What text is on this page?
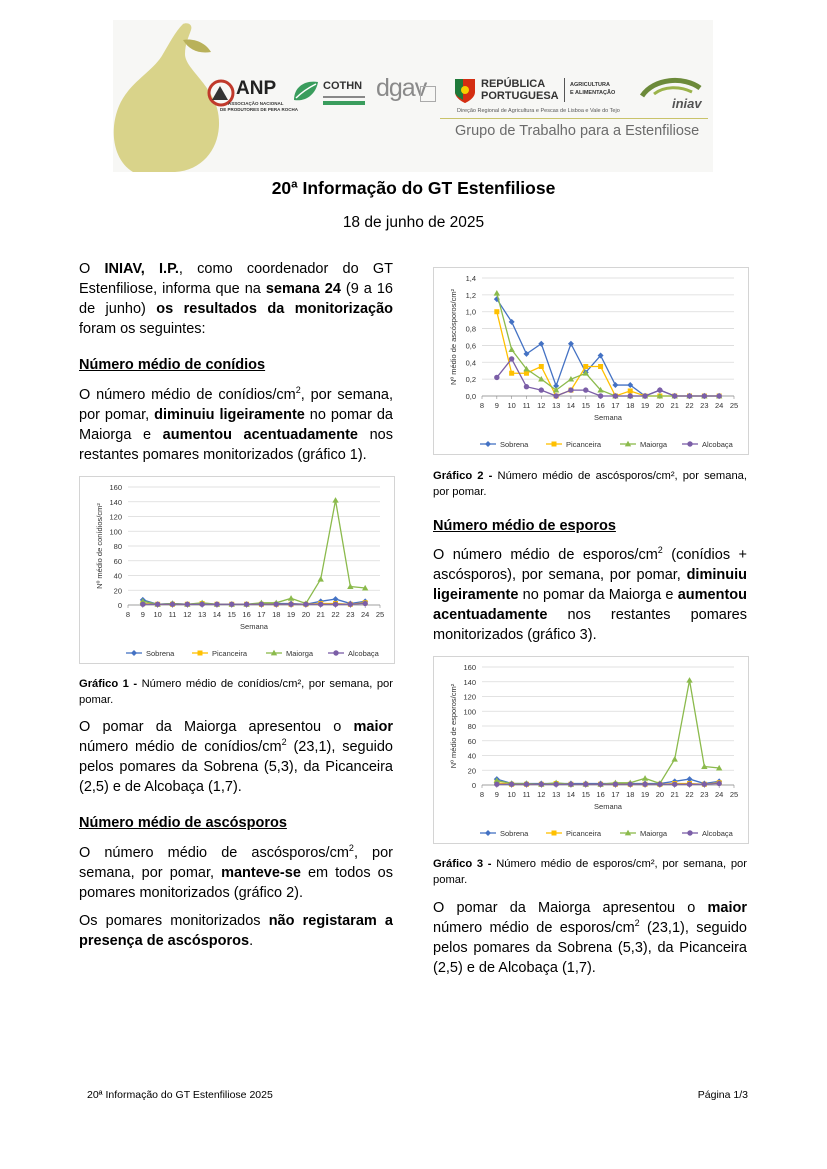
ANP
ASSOCIAÇÃO NACIONAL
DE PRODUTORES DE PERA ROCHA
COTHN dgav	REPÚBLICA
PORTUGUESA
AGRICULTURA
E ALIMENTAÇÃO
Direção Regional de Agricultura e Pescas de Lisboa e Vale do Tejo	iniav
Grupo de Trabalho para a Estenfiliose
20ª Informação do GT Estenfiliose
18 de junho de 2025
O INIAV, I.P., como coordenador do GT Estenfiliose, informa que na semana 24 (9 a 16 de junho) os resultados da monitorização foram os seguintes:
Número médio de conídios
O número médio de conídios/$cm^2$, por semana, por pomar, diminuiu ligeiramente no pomar da Maiorga e aumentou acentuadamente nos restantes pomares monitorizados (gráfico 1).
0
20
40
60
80
100
120
140
160
8 9 10 11 12 13 14 15 16 17 18 19 20 21 22 23 24 25
Semana
Nº médio de conídios/cm²
Sobrena	Picanceira	Maiorga	Alcobaça
Gráfico 1 - Número médio de conídios/cm², por semana, por pomar.
O pomar da Maiorga apresentou o maior número médio de conídios/$cm^2$ (23,1), seguido pelos pomares da Sobrena (5,3), da Picanceira (2,5) e de Alcobaça (1,7).
Número médio de ascósporos
O número médio de ascósporos/$cm^2$, por semana, por pomar, manteve-se em todos os pomares monitorizados (gráfico 2).
Os pomares monitorizados não registaram a presença de ascósporos.
0,0
0,2
0,4
0,6
0,8
1,0
1,2
1,4
8 9 10 11 12 13 14 15 16 17 18 19 20 21 22 23 24 25
Semana
Nº médio de ascósporos/cm²
Sobrena	Picanceira	Maiorga	Alcobaça
Gráfico 2 - Número médio de ascósporos/cm², por semana, por pomar.
Número médio de esporos
O número médio de esporos/$cm^2$ (conídios + ascósporos), por semana, por pomar, diminuiu ligeiramente no pomar da Maiorga e aumentou acentuadamente nos restantes pomares monitorizados (gráfico 3).
0
20
40
60
80
100
120
140
160
8 9 10 11 12 13 14 15 16 17 18 19 20 21 22 23 24 25
Semana
Nº médio de esporos/cm²
Sobrena	Picanceira	Maiorga	Alcobaça
Gráfico 3 - Número médio de esporos/cm², por semana, por pomar.
O pomar da Maiorga apresentou o maior número médio de esporos/$cm^2$ (23,1), seguido pelos pomares da Sobrena (5,3), da Picanceira (2,5) e de Alcobaça (1,7).
20ª Informação do GT Estenfiliose 2025	Página 1/3
